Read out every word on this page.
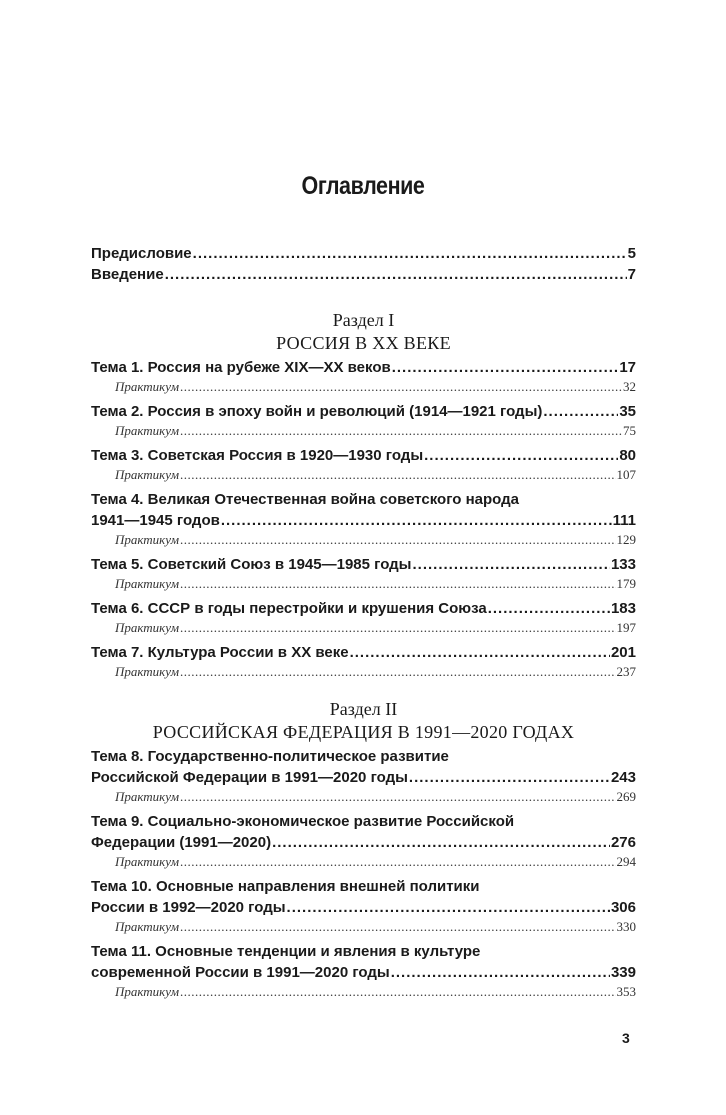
Оглавление
Предисловие .....	5
Введение .....	7
Раздел I
РОССИЯ В XX ВЕКЕ
Тема 1. Россия на рубеже XIX—XX веков .....	17
Практикум .....	32
Тема 2. Россия в эпоху войн и революций (1914—1921 годы) .....	35
Практикум .....	75
Тема 3. Советская Россия в 1920—1930 годы .....	80
Практикум .....	107
Тема 4. Великая Отечественная война советского народа
1941—1945 годов .....	111
Практикум .....	129
Тема 5. Советский Союз в 1945—1985 годы .....	133
Практикум .....	179
Тема 6. СССР в годы перестройки и крушения Союза .....	183
Практикум .....	197
Тема 7. Культура России в XX веке .....	201
Практикум .....	237
Раздел II
РОССИЙСКАЯ ФЕДЕРАЦИЯ В 1991—2020 ГОДАХ
Тема 8. Государственно-политическое развитие
Российской Федерации в 1991—2020 годы .....	243
Практикум .....	269
Тема 9. Социально-экономическое развитие Российской
Федерации (1991—2020) .....	276
Практикум .....	294
Тема 10. Основные направления внешней политики
России в 1992—2020 годы .....	306
Практикум .....	330
Тема 11. Основные тенденции и явления в культуре
современной России в 1991—2020 годы .....	339
Практикум .....	353
3
